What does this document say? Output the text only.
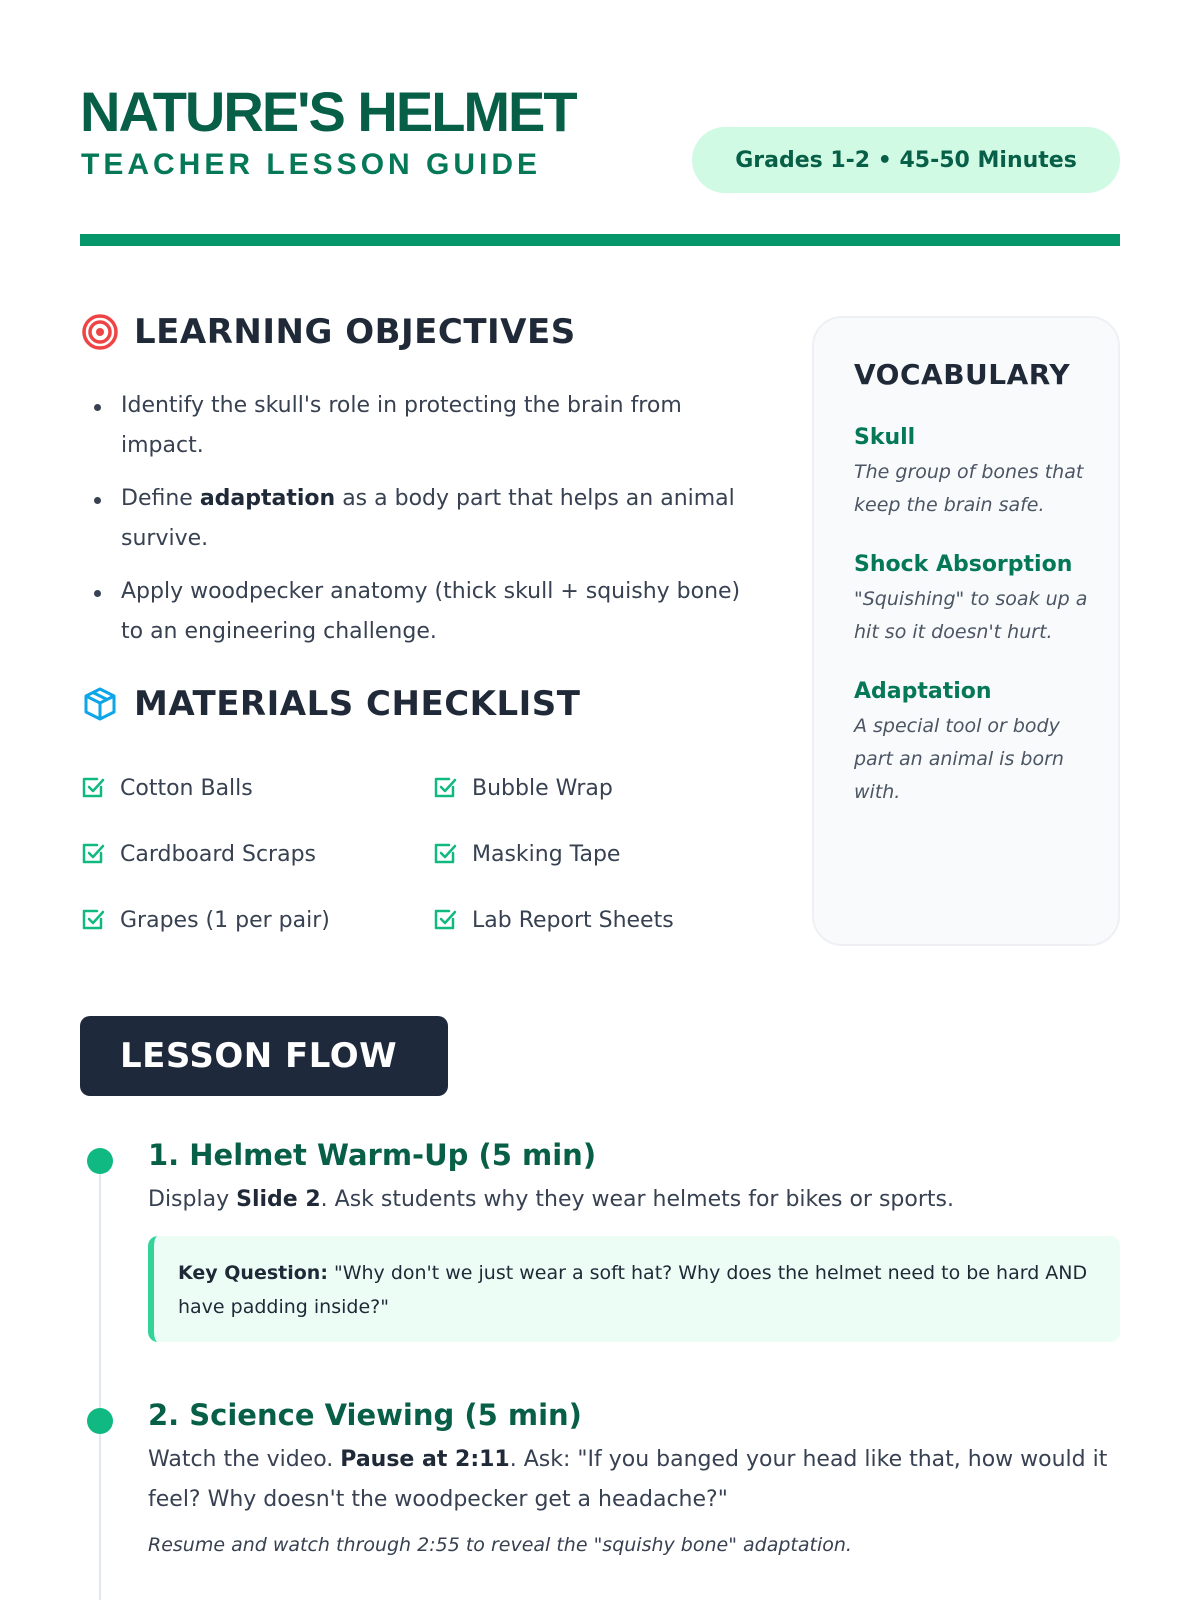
NATURE'S HELMET
TEACHER LESSON GUIDE	Grades 1-2 • 45-50 Minutes
LEARNING OBJECTIVES
Identify the skull's role in protecting the brain from impact.
Define adaptation as a body part that helps an animal survive.
Apply woodpecker anatomy (thick skull + squishy bone) to an engineering challenge.
MATERIALS CHECKLIST
Cotton Balls	Bubble Wrap
Cardboard Scraps	Masking Tape
Grapes (1 per pair)	Lab Report Sheets
VOCABULARY
Skull
The group of bones that keep the brain safe.
Shock Absorption
"Squishing" to soak up a hit so it doesn't hurt.
Adaptation
A special tool or body part an animal is born with.
LESSON FLOW
1. Helmet Warm-Up (5 min)
Display Slide 2. Ask students why they wear helmets for bikes or sports.
Key Question: "Why don't we just wear a soft hat? Why does the helmet need to be hard AND have padding inside?"
2. Science Viewing (5 min)
Watch the video. Pause at 2:11. Ask: "If you banged your head like that, how would it feel? Why doesn't the woodpecker get a headache?"
Resume and watch through 2:55 to reveal the "squishy bone" adaptation.
